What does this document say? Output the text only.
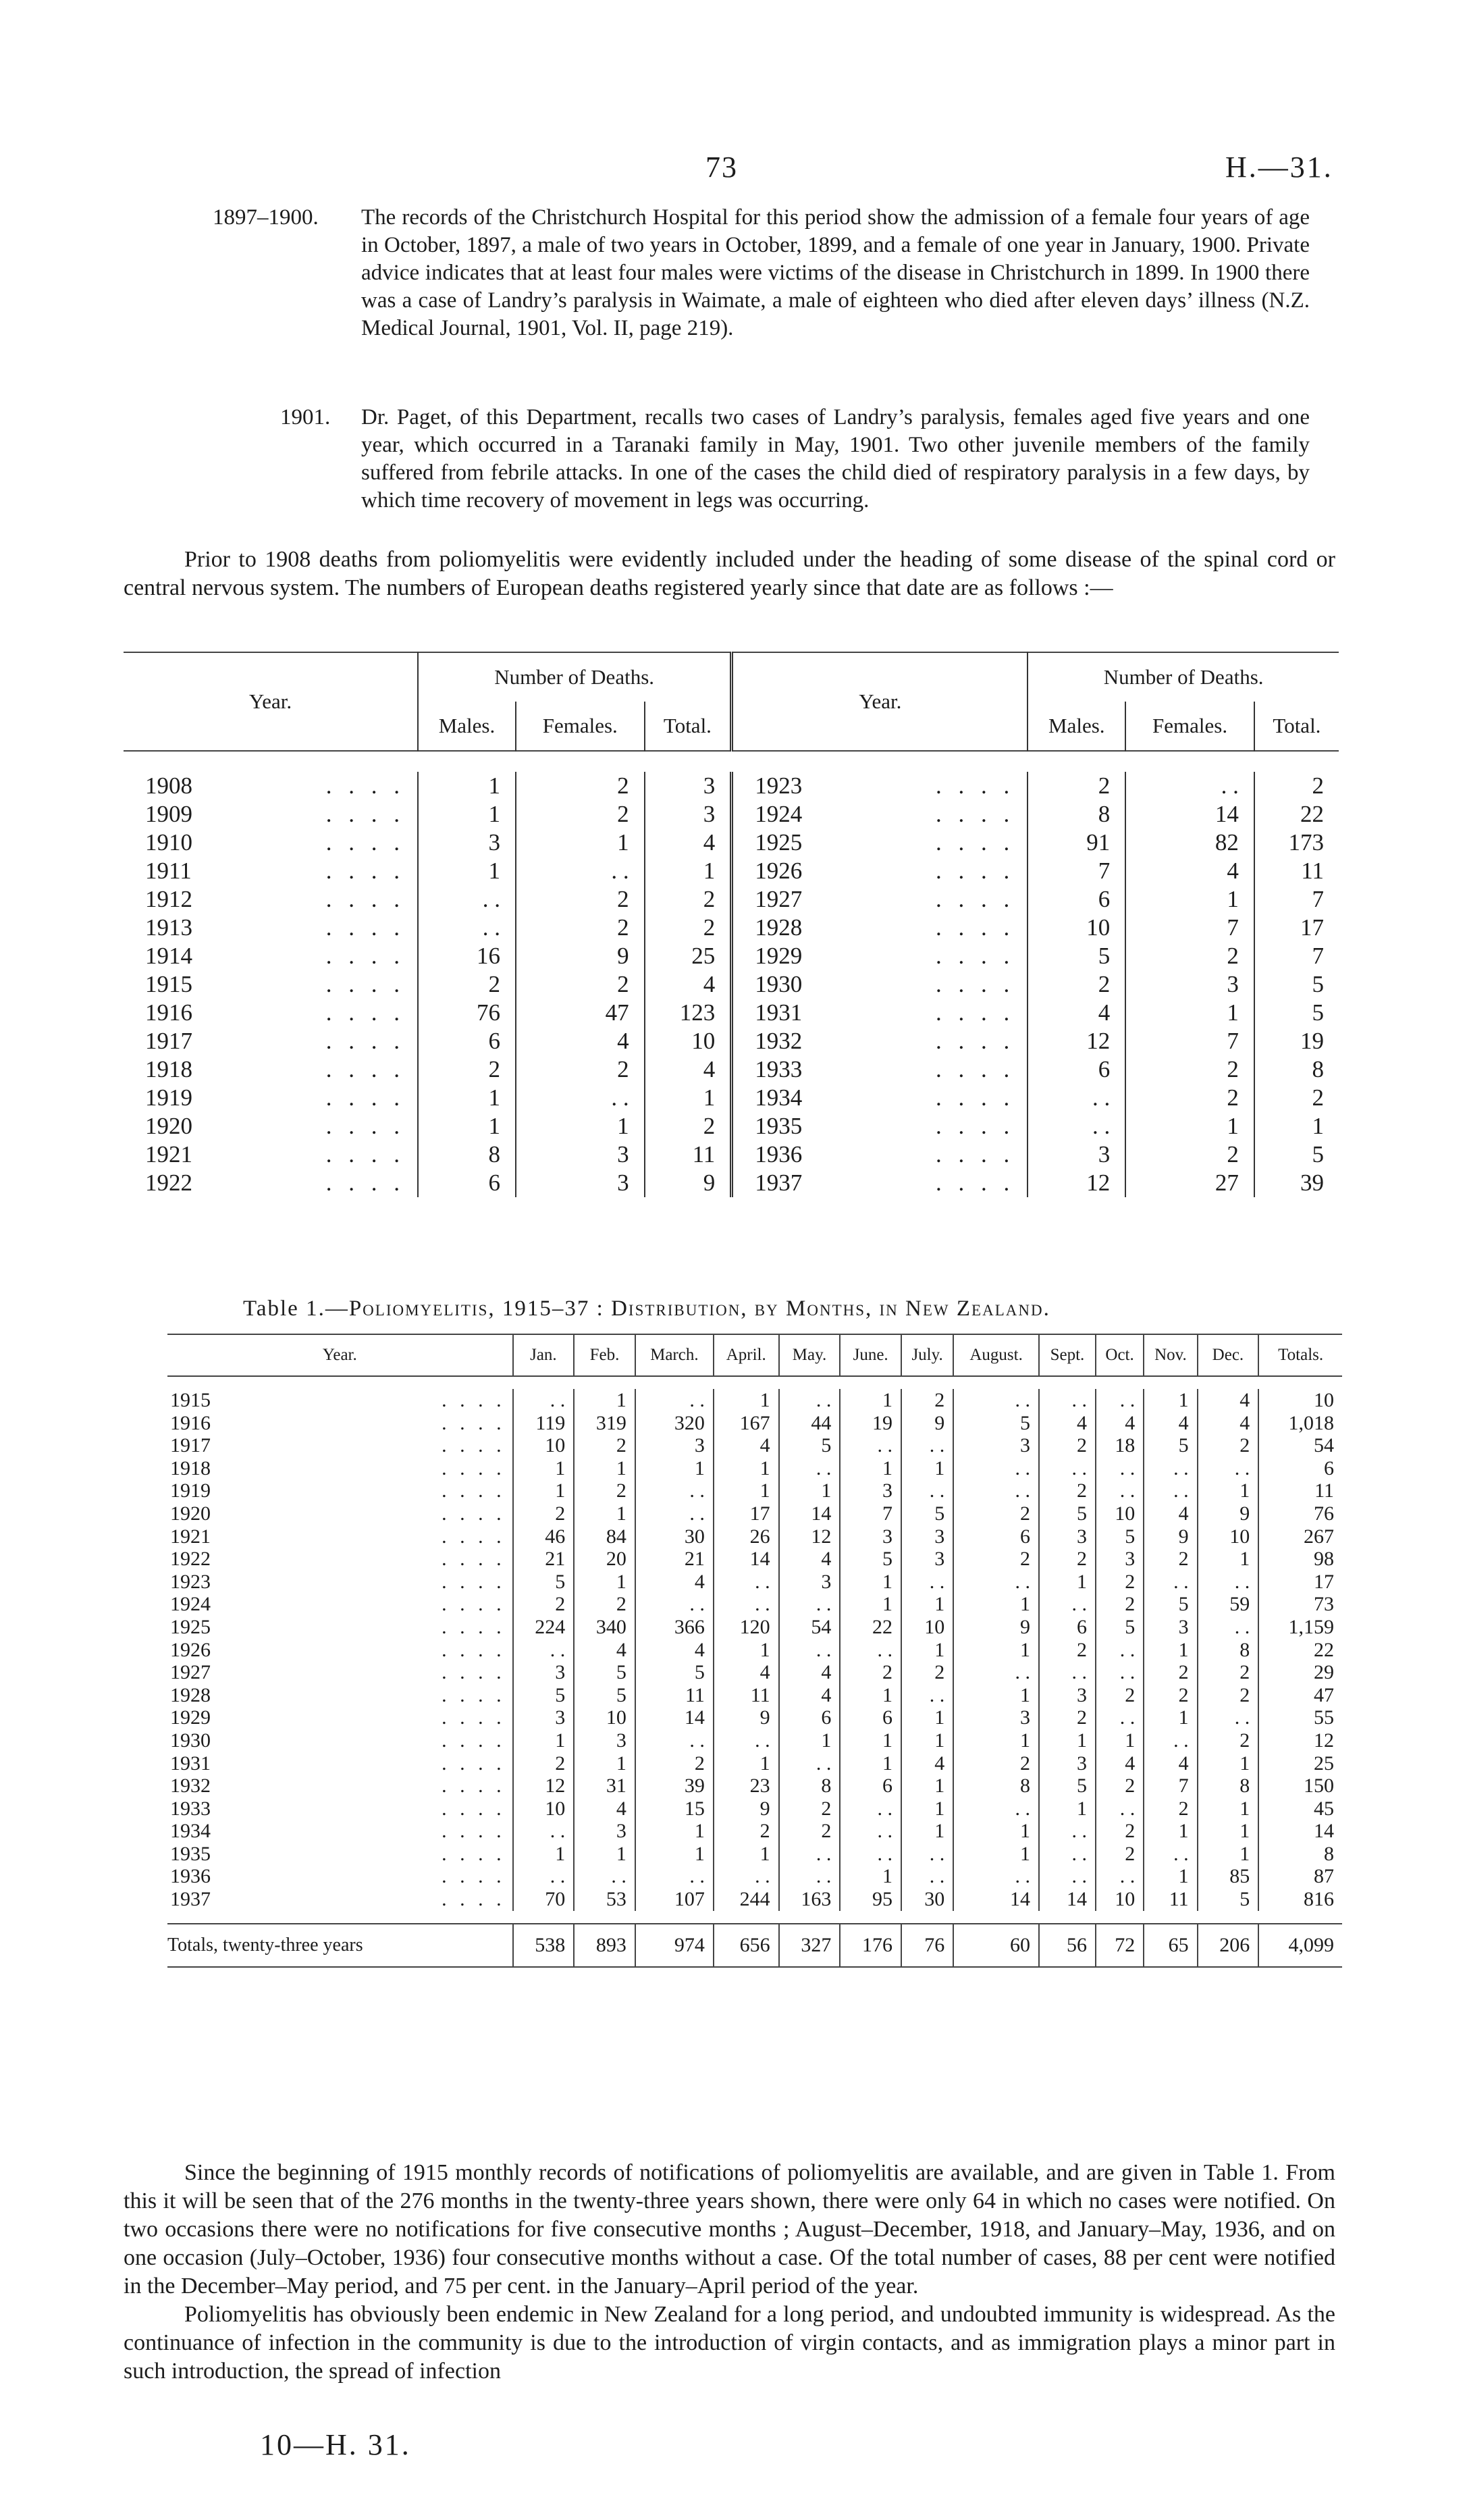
73	H.—31.
1897–1900. The records of the Christchurch Hospital for this period show the admission of a female four years of age in October, 1897, a male of two years in October, 1899, and a female of one year in January, 1900. Private advice indicates that at least four males were victims of the disease in Christchurch in 1899. In 1900 there was a case of Landry’s paralysis in Waimate, a male of eighteen who died after eleven days’ illness (N.Z. Medical Journal, 1901, Vol. II, page 219).
1901. Dr. Paget, of this Department, recalls two cases of Landry’s paralysis, females aged five years and one year, which occurred in a Taranaki family in May, 1901. Two other juvenile members of the family suffered from febrile attacks. In one of the cases the child died of respiratory paralysis in a few days, by which time recovery of movement in legs was occurring.
Prior to 1908 deaths from poliomyelitis were evidently included under the heading of some disease of the spinal cord or central nervous system. The numbers of European deaths registered yearly since that date are as follows :—
Year.		Number of Deaths.			Year.		Number of Deaths.		
		Males.	Females.	Total.			Males.	Females.	Total.

1908	. . . .	1	2	3	1923	. . . .	2	. .	2
1909	. . . .	1	2	3	1924	. . . .	8	14	22
1910	. . . .	3	1	4	1925	. . . .	91	82	173
1911	. . . .	1	. .	1	1926	. . . .	7	4	11
1912	. . . .	. .	2	2	1927	. . . .	6	1	7
1913	. . . .	. .	2	2	1928	. . . .	10	7	17
1914	. . . .	16	9	25	1929	. . . .	5	2	7
1915	. . . .	2	2	4	1930	. . . .	2	3	5
1916	. . . .	76	47	123	1931	. . . .	4	1	5
1917	. . . .	6	4	10	1932	. . . .	12	7	19
1918	. . . .	2	2	4	1933	. . . .	6	2	8
1919	. . . .	1	. .	1	1934	. . . .	. .	2	2
1920	. . . .	1	1	2	1935	. . . .	. .	1	1
1921	. . . .	8	3	11	1936	. . . .	3	2	5
1922	. . . .	6	3	9	1937	. . . .	12	27	39
Table 1.—Poliomyelitis, 1915–37 : Distribution, by Months, in New Zealand.
Year.		Jan.	Feb.	March.	April.	May.	June.	July.	August.	Sept.	Oct.	Nov.	Dec.	Totals.

1915	. . . .	. .	1	. .	1	. .	1	2	. .	. .	. .	1	4	10
1916	. . . .	119	319	320	167	44	19	9	5	4	4	4	4	1,018
1917	. . . .	10	2	3	4	5	. .	. .	3	2	18	5	2	54
1918	. . . .	1	1	1	1	. .	1	1	. .	. .	. .	. .	. .	6
1919	. . . .	1	2	. .	1	1	3	. .	. .	2	. .	. .	1	11
1920	. . . .	2	1	. .	17	14	7	5	2	5	10	4	9	76
1921	. . . .	46	84	30	26	12	3	3	6	3	5	9	10	267
1922	. . . .	21	20	21	14	4	5	3	2	2	3	2	1	98
1923	. . . .	5	1	4	. .	3	1	. .	. .	1	2	. .	. .	17
1924	. . . .	2	2	. .	. .	. .	1	1	1	. .	2	5	59	73
1925	. . . .	224	340	366	120	54	22	10	9	6	5	3	. .	1,159
1926	. . . .	. .	4	4	1	. .	. .	1	1	2	. .	1	8	22
1927	. . . .	3	5	5	4	4	2	2	. .	. .	. .	2	2	29
1928	. . . .	5	5	11	11	4	1	. .	1	3	2	2	2	47
1929	. . . .	3	10	14	9	6	6	1	3	2	. .	1	. .	55
1930	. . . .	1	3	. .	. .	1	1	1	1	1	1	. .	2	12
1931	. . . .	2	1	2	1	. .	1	4	2	3	4	4	1	25
1932	. . . .	12	31	39	23	8	6	1	8	5	2	7	8	150
1933	. . . .	10	4	15	9	2	. .	1	. .	1	. .	2	1	45
1934	. . . .	. .	3	1	2	2	. .	1	1	. .	2	1	1	14
1935	. . . .	1	1	1	1	. .	. .	. .	1	. .	2	. .	1	8
1936	. . . .	. .	. .	. .	. .	. .	1	. .	. .	. .	. .	1	85	87
1937	. . . .	70	53	107	244	163	95	30	14	14	10	11	5	816

Totals, twenty-three years		538	893	974	656	327	176	76	60	56	72	65	206	4,099
Since the beginning of 1915 monthly records of notifications of poliomyelitis are available, and are given in Table 1. From this it will be seen that of the 276 months in the twenty-three years shown, there were only 64 in which no cases were notified. On two occasions there were no notifications for five consecutive months ; August–December, 1918, and January–May, 1936, and on one occasion (July–October, 1936) four consecutive months without a case. Of the total number of cases, 88 per cent were notified in the December–May period, and 75 per cent. in the January–April period of the year.
Poliomyelitis has obviously been endemic in New Zealand for a long period, and undoubted immunity is widespread. As the continuance of infection in the community is due to the introduction of virgin contacts, and as immigration plays a minor part in such introduction, the spread of infection
10—H. 31.
